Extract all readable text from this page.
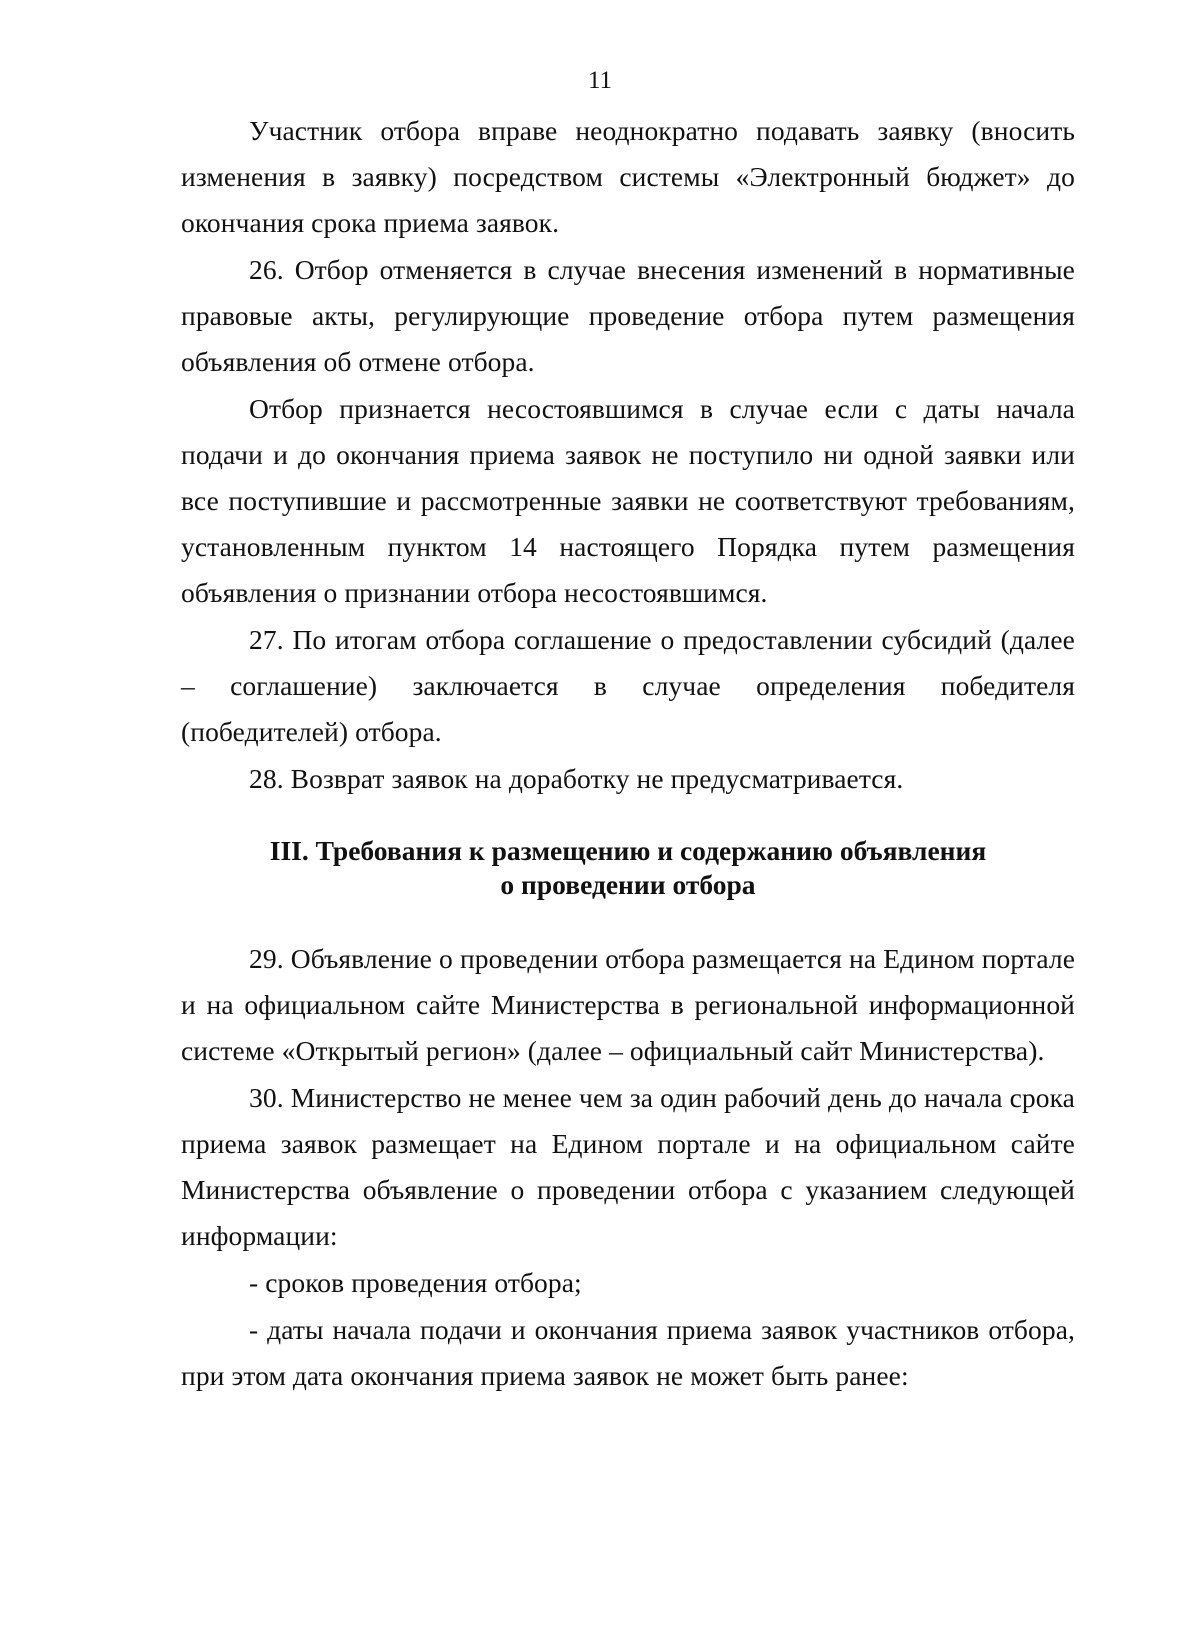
11

Участник отбора вправе неоднократно подавать заявку (вносить изменения в заявку) посредством системы «Электронный бюджет» до окончания срока приема заявок.

26. Отбор отменяется в случае внесения изменений в нормативные правовые акты, регулирующие проведение отбора путем размещения объявления об отмене отбора.

Отбор признается несостоявшимся в случае если с даты начала подачи и до окончания приема заявок не поступило ни одной заявки или все поступившие и рассмотренные заявки не соответствуют требованиям, установленным пунктом 14 настоящего Порядка путем размещения объявления о признании отбора несостоявшимся.

27. По итогам отбора соглашение о предоставлении субсидий (далее – соглашение) заключается в случае определения победителя (победителей) отбора.

28. Возврат заявок на доработку не предусматривается.

III. Требования к размещению и содержанию объявления
о проведении отбора

29. Объявление о проведении отбора размещается на Едином портале и на официальном сайте Министерства в региональной информационной системе «Открытый регион» (далее – официальный сайт Министерства).

30. Министерство не менее чем за один рабочий день до начала срока приема заявок размещает на Едином портале и на официальном сайте Министерства объявление о проведении отбора с указанием следующей информации:

- сроков проведения отбора;

- даты начала подачи и окончания приема заявок участников отбора, при этом дата окончания приема заявок не может быть ранее:
